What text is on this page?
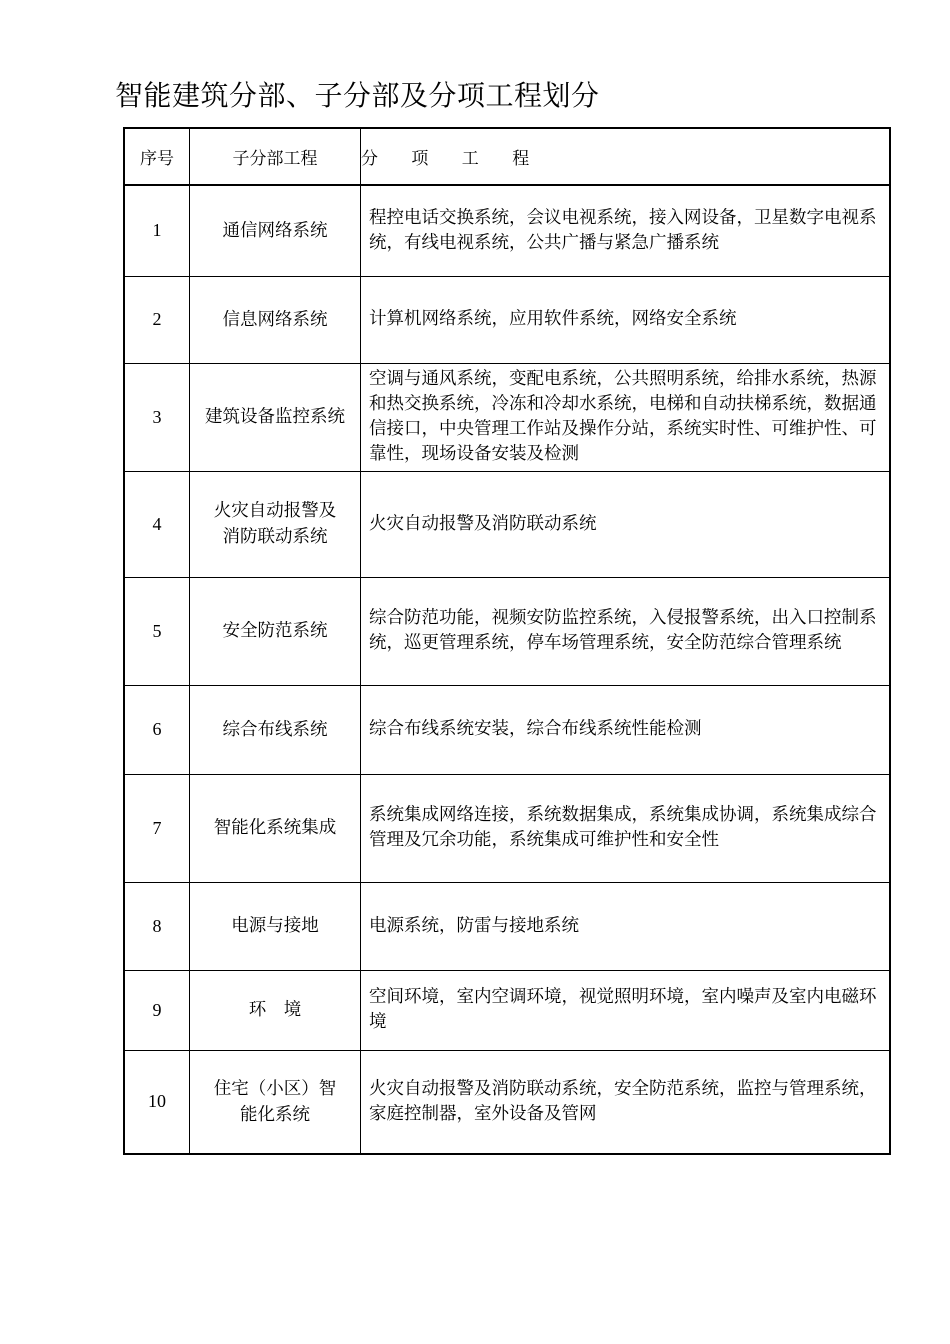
智能建筑分部、子分部及分项工程划分
序号	子分部工程	分 项 工 程
1	通信网络系统	程控电话交换系统，会议电视系统，接入网设备，卫星数字电视系统，有线电视系统，公共广播与紧急广播系统
2	信息网络系统	计算机网络系统，应用软件系统，网络安全系统
3	建筑设备监控系统	空调与通风系统，变配电系统，公共照明系统，给排水系统，热源和热交换系统，冷冻和冷却水系统，电梯和自动扶梯系统，数据通信接口，中央管理工作站及操作分站，系统实时性、可维护性、可靠性，现场设备安装及检测
4	火灾自动报警及消防联动系统	火灾自动报警及消防联动系统
5	安全防范系统	综合防范功能，视频安防监控系统，入侵报警系统，出入口控制系统，巡更管理系统，停车场管理系统，安全防范综合管理系统
6	综合布线系统	综合布线系统安装，综合布线系统性能检测
7	智能化系统集成	系统集成网络连接，系统数据集成，系统集成协调，系统集成综合管理及冗余功能，系统集成可维护性和安全性
8	电源与接地	电源系统，防雷与接地系统
9	环　境	空间环境，室内空调环境，视觉照明环境，室内噪声及室内电磁环境
10	住宅（小区）智能化系统	火灾自动报警及消防联动系统，安全防范系统，监控与管理系统，家庭控制器，室外设备及管网
